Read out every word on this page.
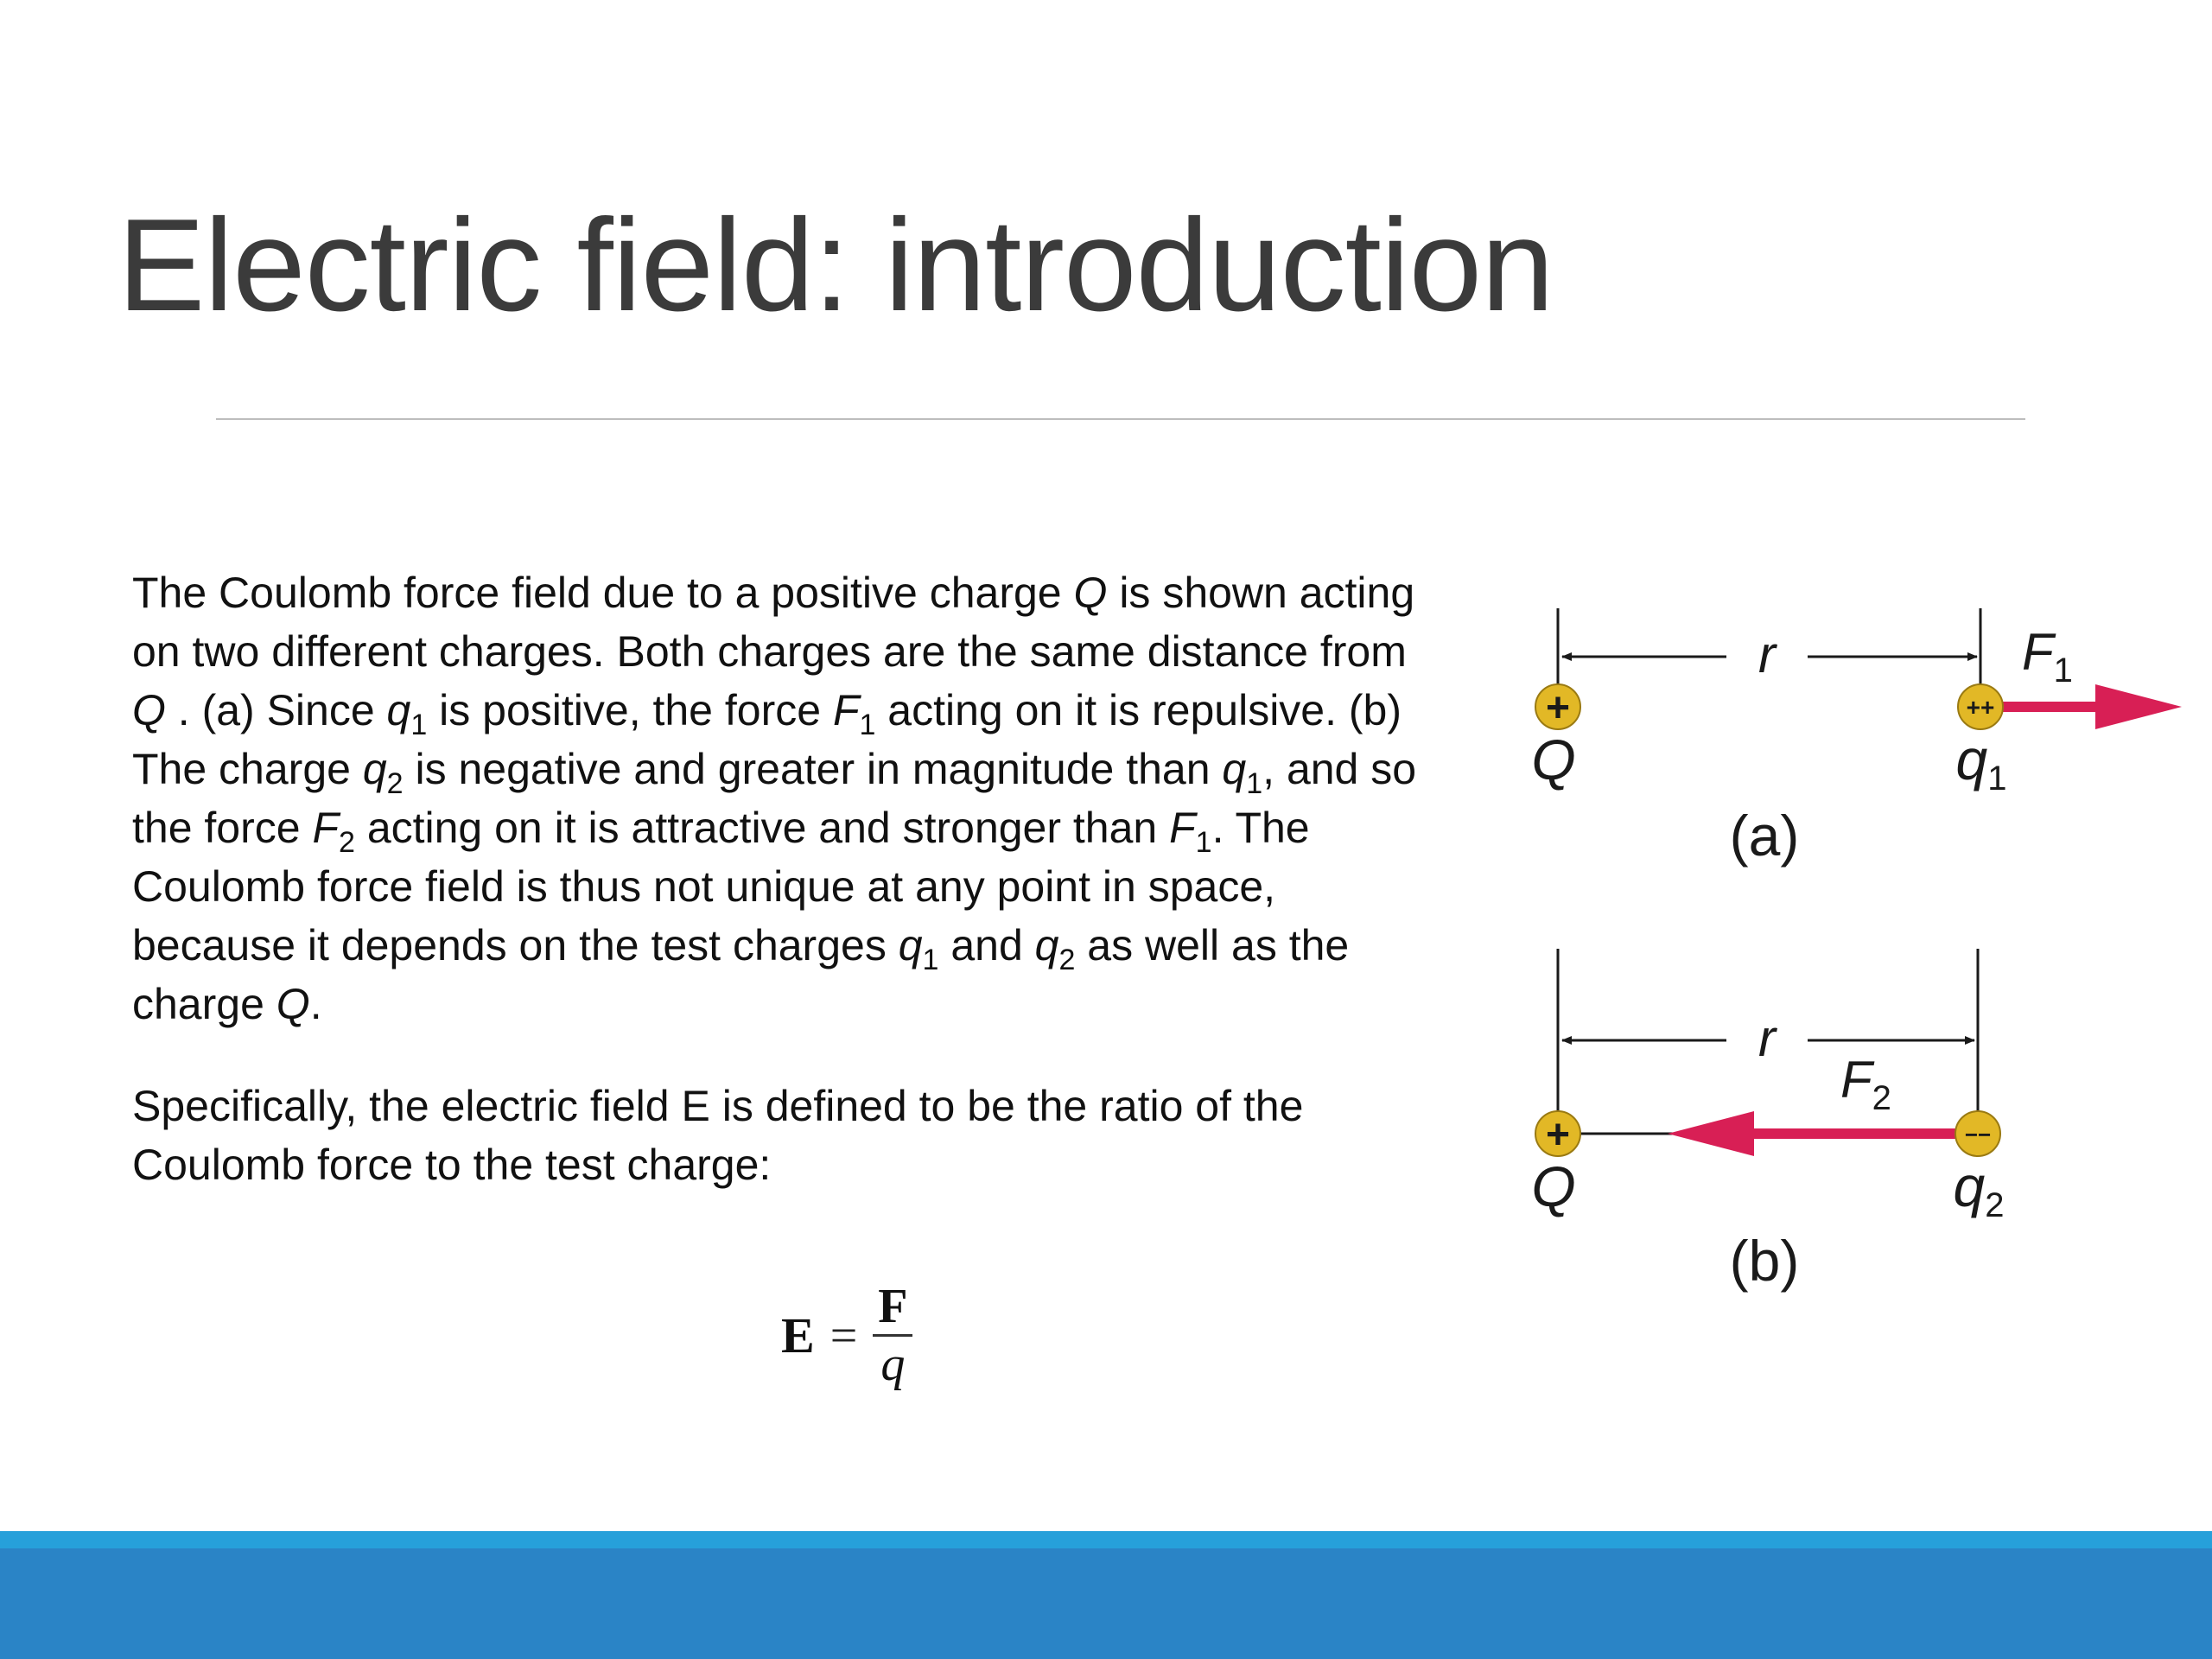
Electric field: introduction

The Coulomb force field due to a positive charge Q is shown acting on two different charges. Both charges are the same distance from Q . (a) Since $q_1$ is positive, the force $F_1$ acting on it is repulsive. (b) The charge $q_2$ is negative and greater in magnitude than $q_1$, and so the force $F_2$ acting on it is attractive and stronger than $F_1$. The Coulomb force field is thus not unique at any point in space, because it depends on the test charges $q_1$ and $q_2$ as well as the charge Q.

Specifically, the electric field E is defined to be the ratio of the Coulomb force to the test charge:

$E = \frac{F}{q}$
r	$F_1$
+
Q
++
q1
(a)
r
$F_2$
+
Q
−−
q2
(b)
